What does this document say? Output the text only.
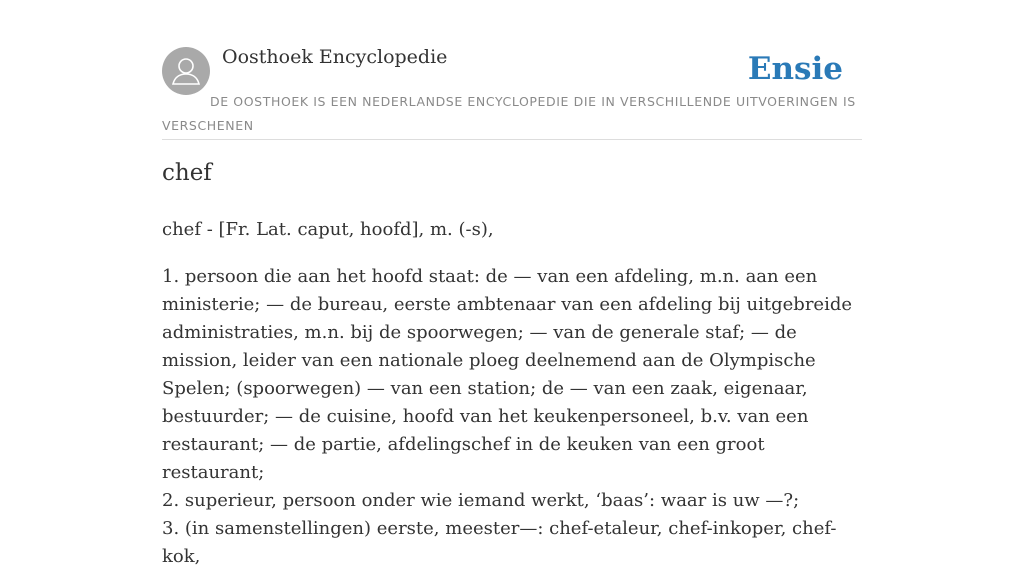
Oosthoek Encyclopedie	Ensie
DE OOSTHOEK IS EEN NEDERLANDSE ENCYCLOPEDIE DIE IN VERSCHILLENDE UITVOERINGEN IS VERSCHENEN
chef
chef - [Fr. Lat. caput, hoofd], m. (-s),
1. persoon die aan het hoofd staat: de — van een afdeling, m.n. aan een ministerie; — de bureau, eerste ambtenaar van een afdeling bij uitgebreide administraties, m.n. bij de spoorwegen; — van de generale staf; — de mission, leider van een nationale ploeg deelnemend aan de Olympische Spelen; (spoorwegen) — van een station; de — van een zaak, eigenaar, bestuurder; — de cuisine, hoofd van het keukenpersoneel, b.v. van een restaurant; — de partie, afdelingschef in de keuken van een groot restaurant;
2. superieur, persoon onder wie iemand werkt, ‘baas’: waar is uw —?;
3. (in samenstellingen) eerste, meester—: chef-etaleur, chef-inkoper, chef-kok,
